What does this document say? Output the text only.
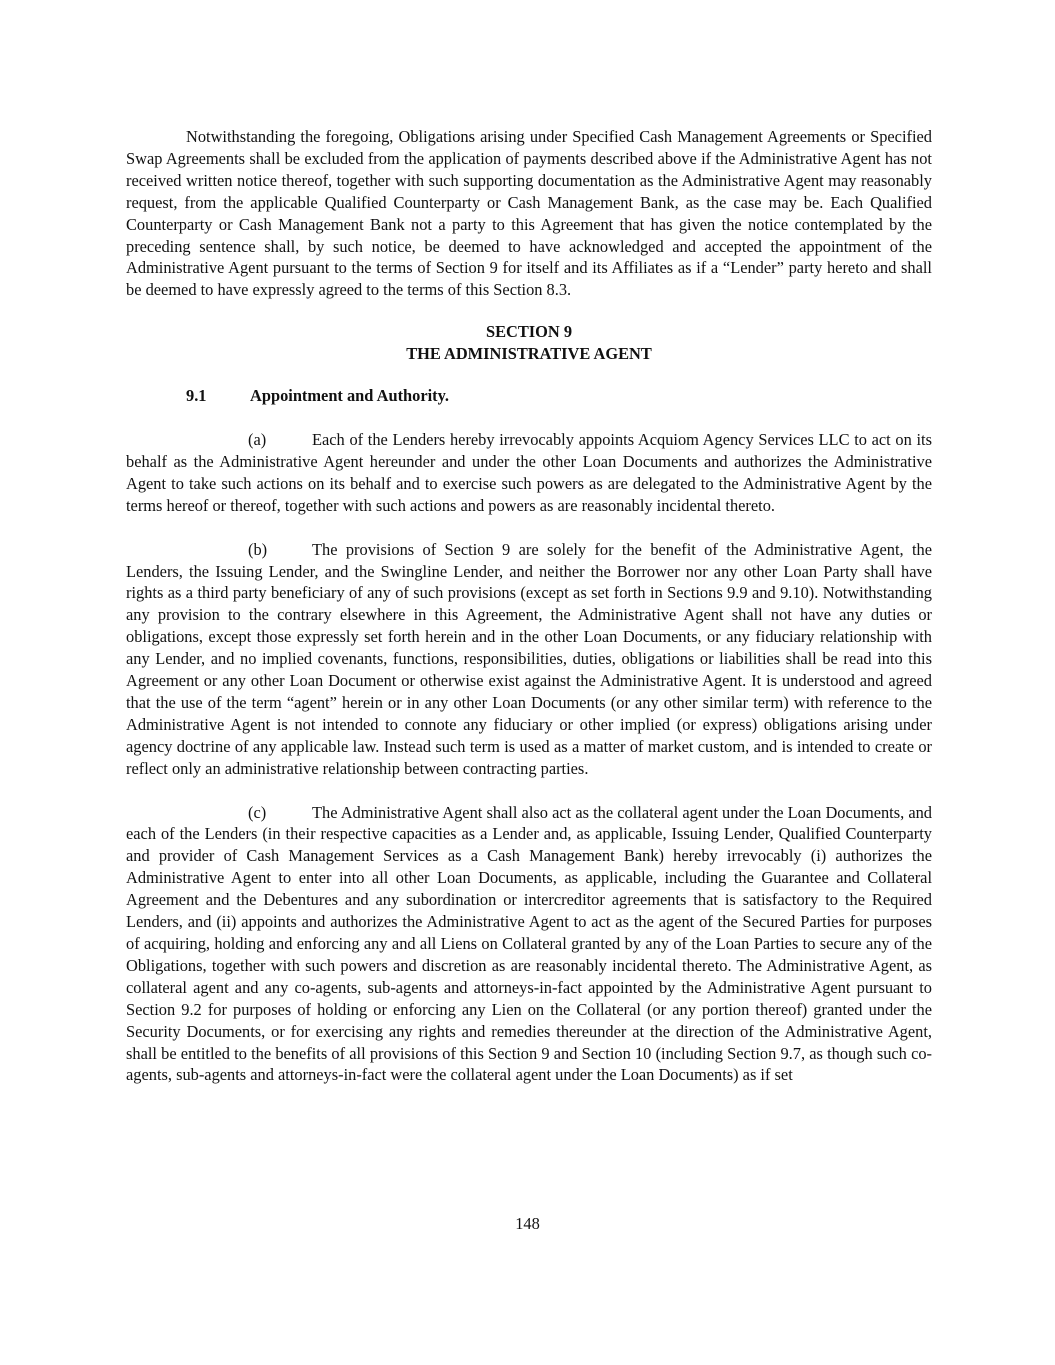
Notwithstanding the foregoing, Obligations arising under Specified Cash Management Agreements or Specified Swap Agreements shall be excluded from the application of payments described above if the Administrative Agent has not received written notice thereof, together with such supporting documentation as the Administrative Agent may reasonably request, from the applicable Qualified Counterparty or Cash Management Bank, as the case may be. Each Qualified Counterparty or Cash Management Bank not a party to this Agreement that has given the notice contemplated by the preceding sentence shall, by such notice, be deemed to have acknowledged and accepted the appointment of the Administrative Agent pursuant to the terms of Section 9 for itself and its Affiliates as if a “Lender” party hereto and shall be deemed to have expressly agreed to the terms of this Section 8.3.

SECTION 9
THE ADMINISTRATIVE AGENT
9.1	Appointment and Authority.

(a)	Each of the Lenders hereby irrevocably appoints Acquiom Agency Services LLC to act on its behalf as the Administrative Agent hereunder and under the other Loan Documents and authorizes the Administrative Agent to take such actions on its behalf and to exercise such powers as are delegated to the Administrative Agent by the terms hereof or thereof, together with such actions and powers as are reasonably incidental thereto.

(b)	The provisions of Section 9 are solely for the benefit of the Administrative Agent, the Lenders, the Issuing Lender, and the Swingline Lender, and neither the Borrower nor any other Loan Party shall have rights as a third party beneficiary of any of such provisions (except as set forth in Sections 9.9 and 9.10). Notwithstanding any provision to the contrary elsewhere in this Agreement, the Administrative Agent shall not have any duties or obligations, except those expressly set forth herein and in the other Loan Documents, or any fiduciary relationship with any Lender, and no implied covenants, functions, responsibilities, duties, obligations or liabilities shall be read into this Agreement or any other Loan Document or otherwise exist against the Administrative Agent. It is understood and agreed that the use of the term “agent” herein or in any other Loan Documents (or any other similar term) with reference to the Administrative Agent is not intended to connote any fiduciary or other implied (or express) obligations arising under agency doctrine of any applicable law. Instead such term is used as a matter of market custom, and is intended to create or reflect only an administrative relationship between contracting parties.

(c)	The Administrative Agent shall also act as the collateral agent under the Loan Documents, and each of the Lenders (in their respective capacities as a Lender and, as applicable, Issuing Lender, Qualified Counterparty and provider of Cash Management Services as a Cash Management Bank) hereby irrevocably (i) authorizes the Administrative Agent to enter into all other Loan Documents, as applicable, including the Guarantee and Collateral Agreement and the Debentures and any subordination or intercreditor agreements that is satisfactory to the Required Lenders, and (ii) appoints and authorizes the Administrative Agent to act as the agent of the Secured Parties for purposes of acquiring, holding and enforcing any and all Liens on Collateral granted by any of the Loan Parties to secure any of the Obligations, together with such powers and discretion as are reasonably incidental thereto. The Administrative Agent, as collateral agent and any co-agents, sub-agents and attorneys-in-fact appointed by the Administrative Agent pursuant to Section 9.2 for purposes of holding or enforcing any Lien on the Collateral (or any portion thereof) granted under the Security Documents, or for exercising any rights and remedies thereunder at the direction of the Administrative Agent, shall be entitled to the benefits of all provisions of this Section 9 and Section 10 (including Section 9.7, as though such co-agents, sub-agents and attorneys-in-fact were the collateral agent under the Loan Documents) as if set

148
